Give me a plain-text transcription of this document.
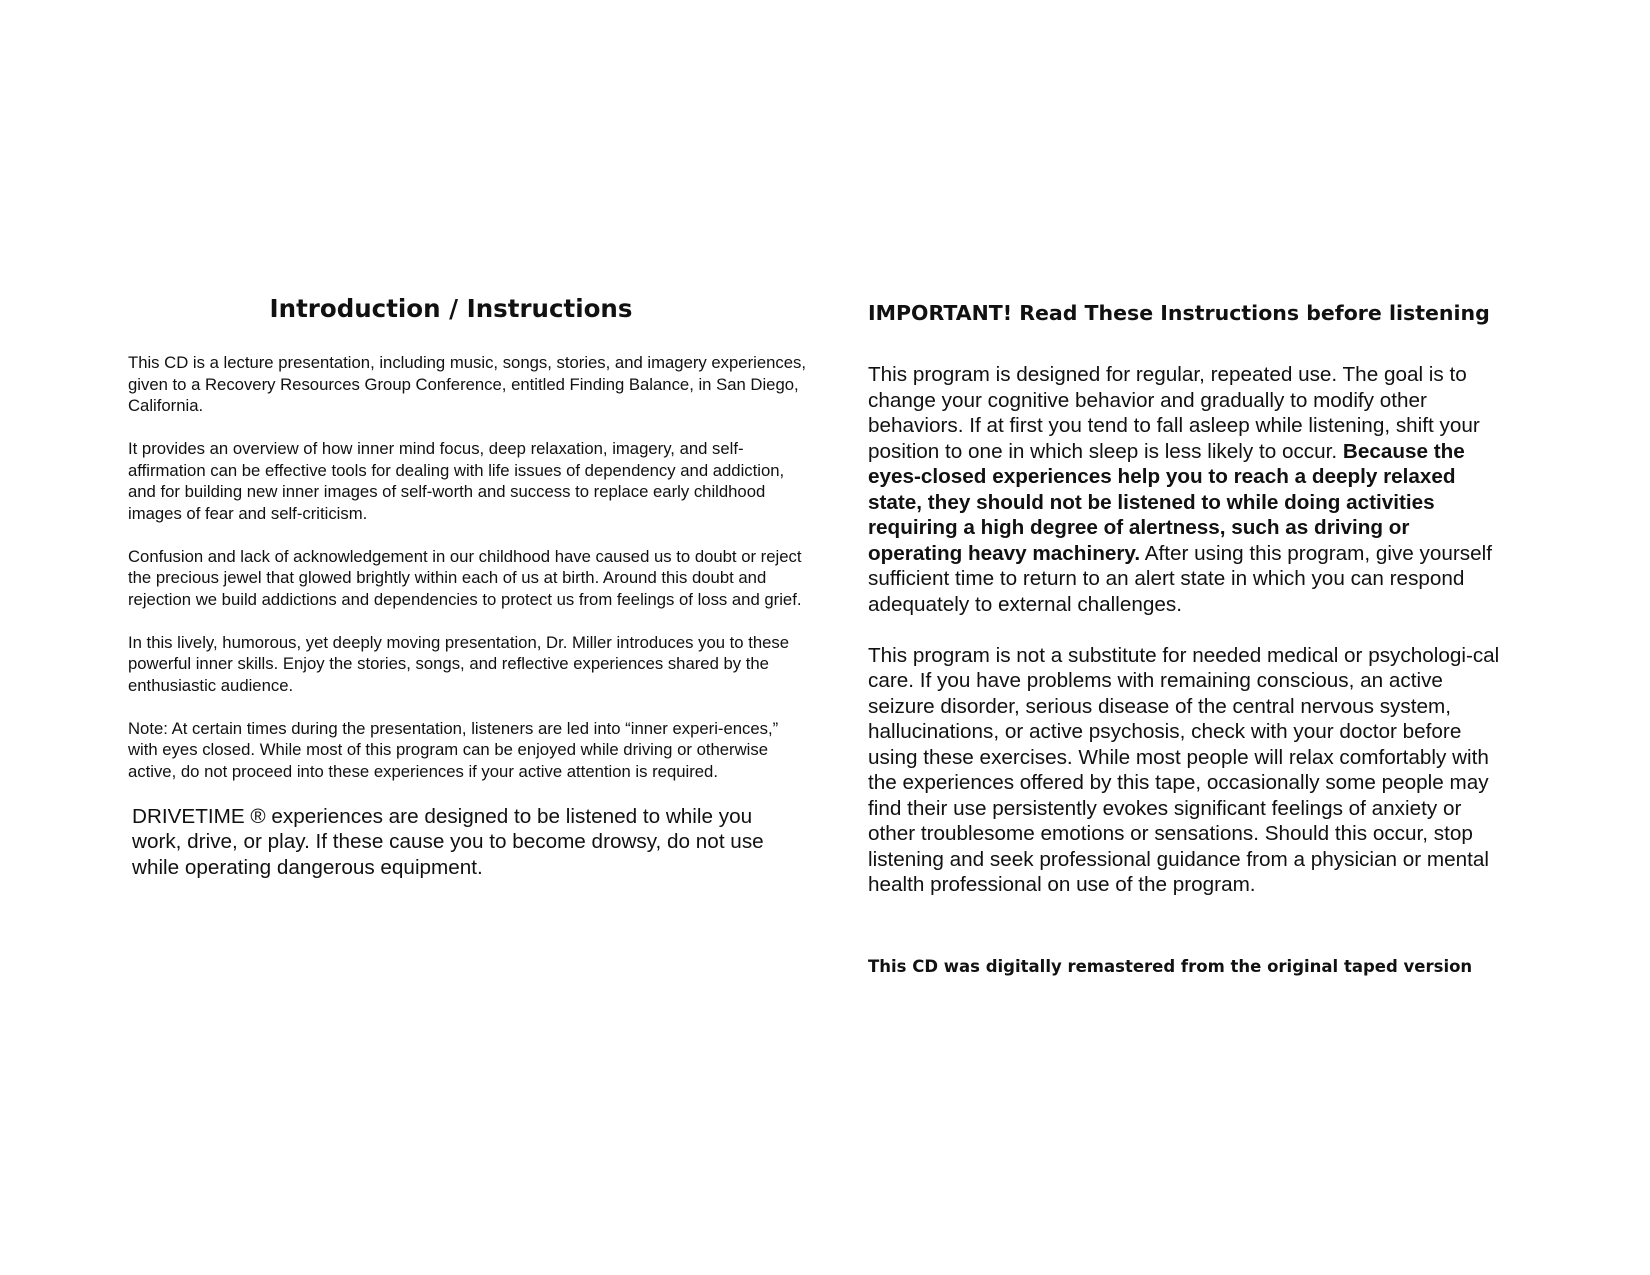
Introduction / Instructions

This CD is a lecture presentation, including music, songs, stories, and imagery experiences, given to a Recovery Resources Group Conference, entitled Finding Balance, in San Diego, California.

It provides an overview of how inner mind focus, deep relaxation, imagery, and self-affirmation can be effective tools for dealing with life issues of dependency and addiction, and for building new inner images of self-worth and success to replace early childhood images of fear and self-criticism.

Confusion and lack of acknowledgement in our childhood have caused us to doubt or reject the precious jewel that glowed brightly within each of us at birth. Around this doubt and rejection we build addictions and dependencies to protect us from feelings of loss and grief.

In this lively, humorous, yet deeply moving presentation, Dr. Miller introduces you to these powerful inner skills. Enjoy the stories, songs, and reflective experiences shared by the enthusiastic audience.

Note: At certain times during the presentation, listeners are led into “inner experi-ences,” with eyes closed. While most of this program can be enjoyed while driving or otherwise active, do not proceed into these experiences if your active attention is required.

DRIVETIME ® experiences are designed to be listened to while you work, drive, or play. If these cause you to become drowsy, do not use while operating dangerous equipment.

IMPORTANT! Read These Instructions before listening

This program is designed for regular, repeated use. The goal is to change your cognitive behavior and gradually to modify other behaviors. If at first you tend to fall asleep while listening, shift your position to one in which sleep is less likely to occur. Because the eyes-closed experiences help you to reach a deeply relaxed state, they should not be listened to while doing activities requiring a high degree of alertness, such as driving or operating heavy machinery. After using this program, give yourself sufficient time to return to an alert state in which you can respond adequately to external challenges.

This program is not a substitute for needed medical or psychologi-cal care. If you have problems with remaining conscious, an active seizure disorder, serious disease of the central nervous system, hallucinations, or active psychosis, check with your doctor before using these exercises. While most people will relax comfortably with the experiences offered by this tape, occasionally some people may find their use persistently evokes significant feelings of anxiety or other troublesome emotions or sensations. Should this occur, stop listening and seek professional guidance from a physician or mental health professional on use of the program.

This CD was digitally remastered from the original taped version
